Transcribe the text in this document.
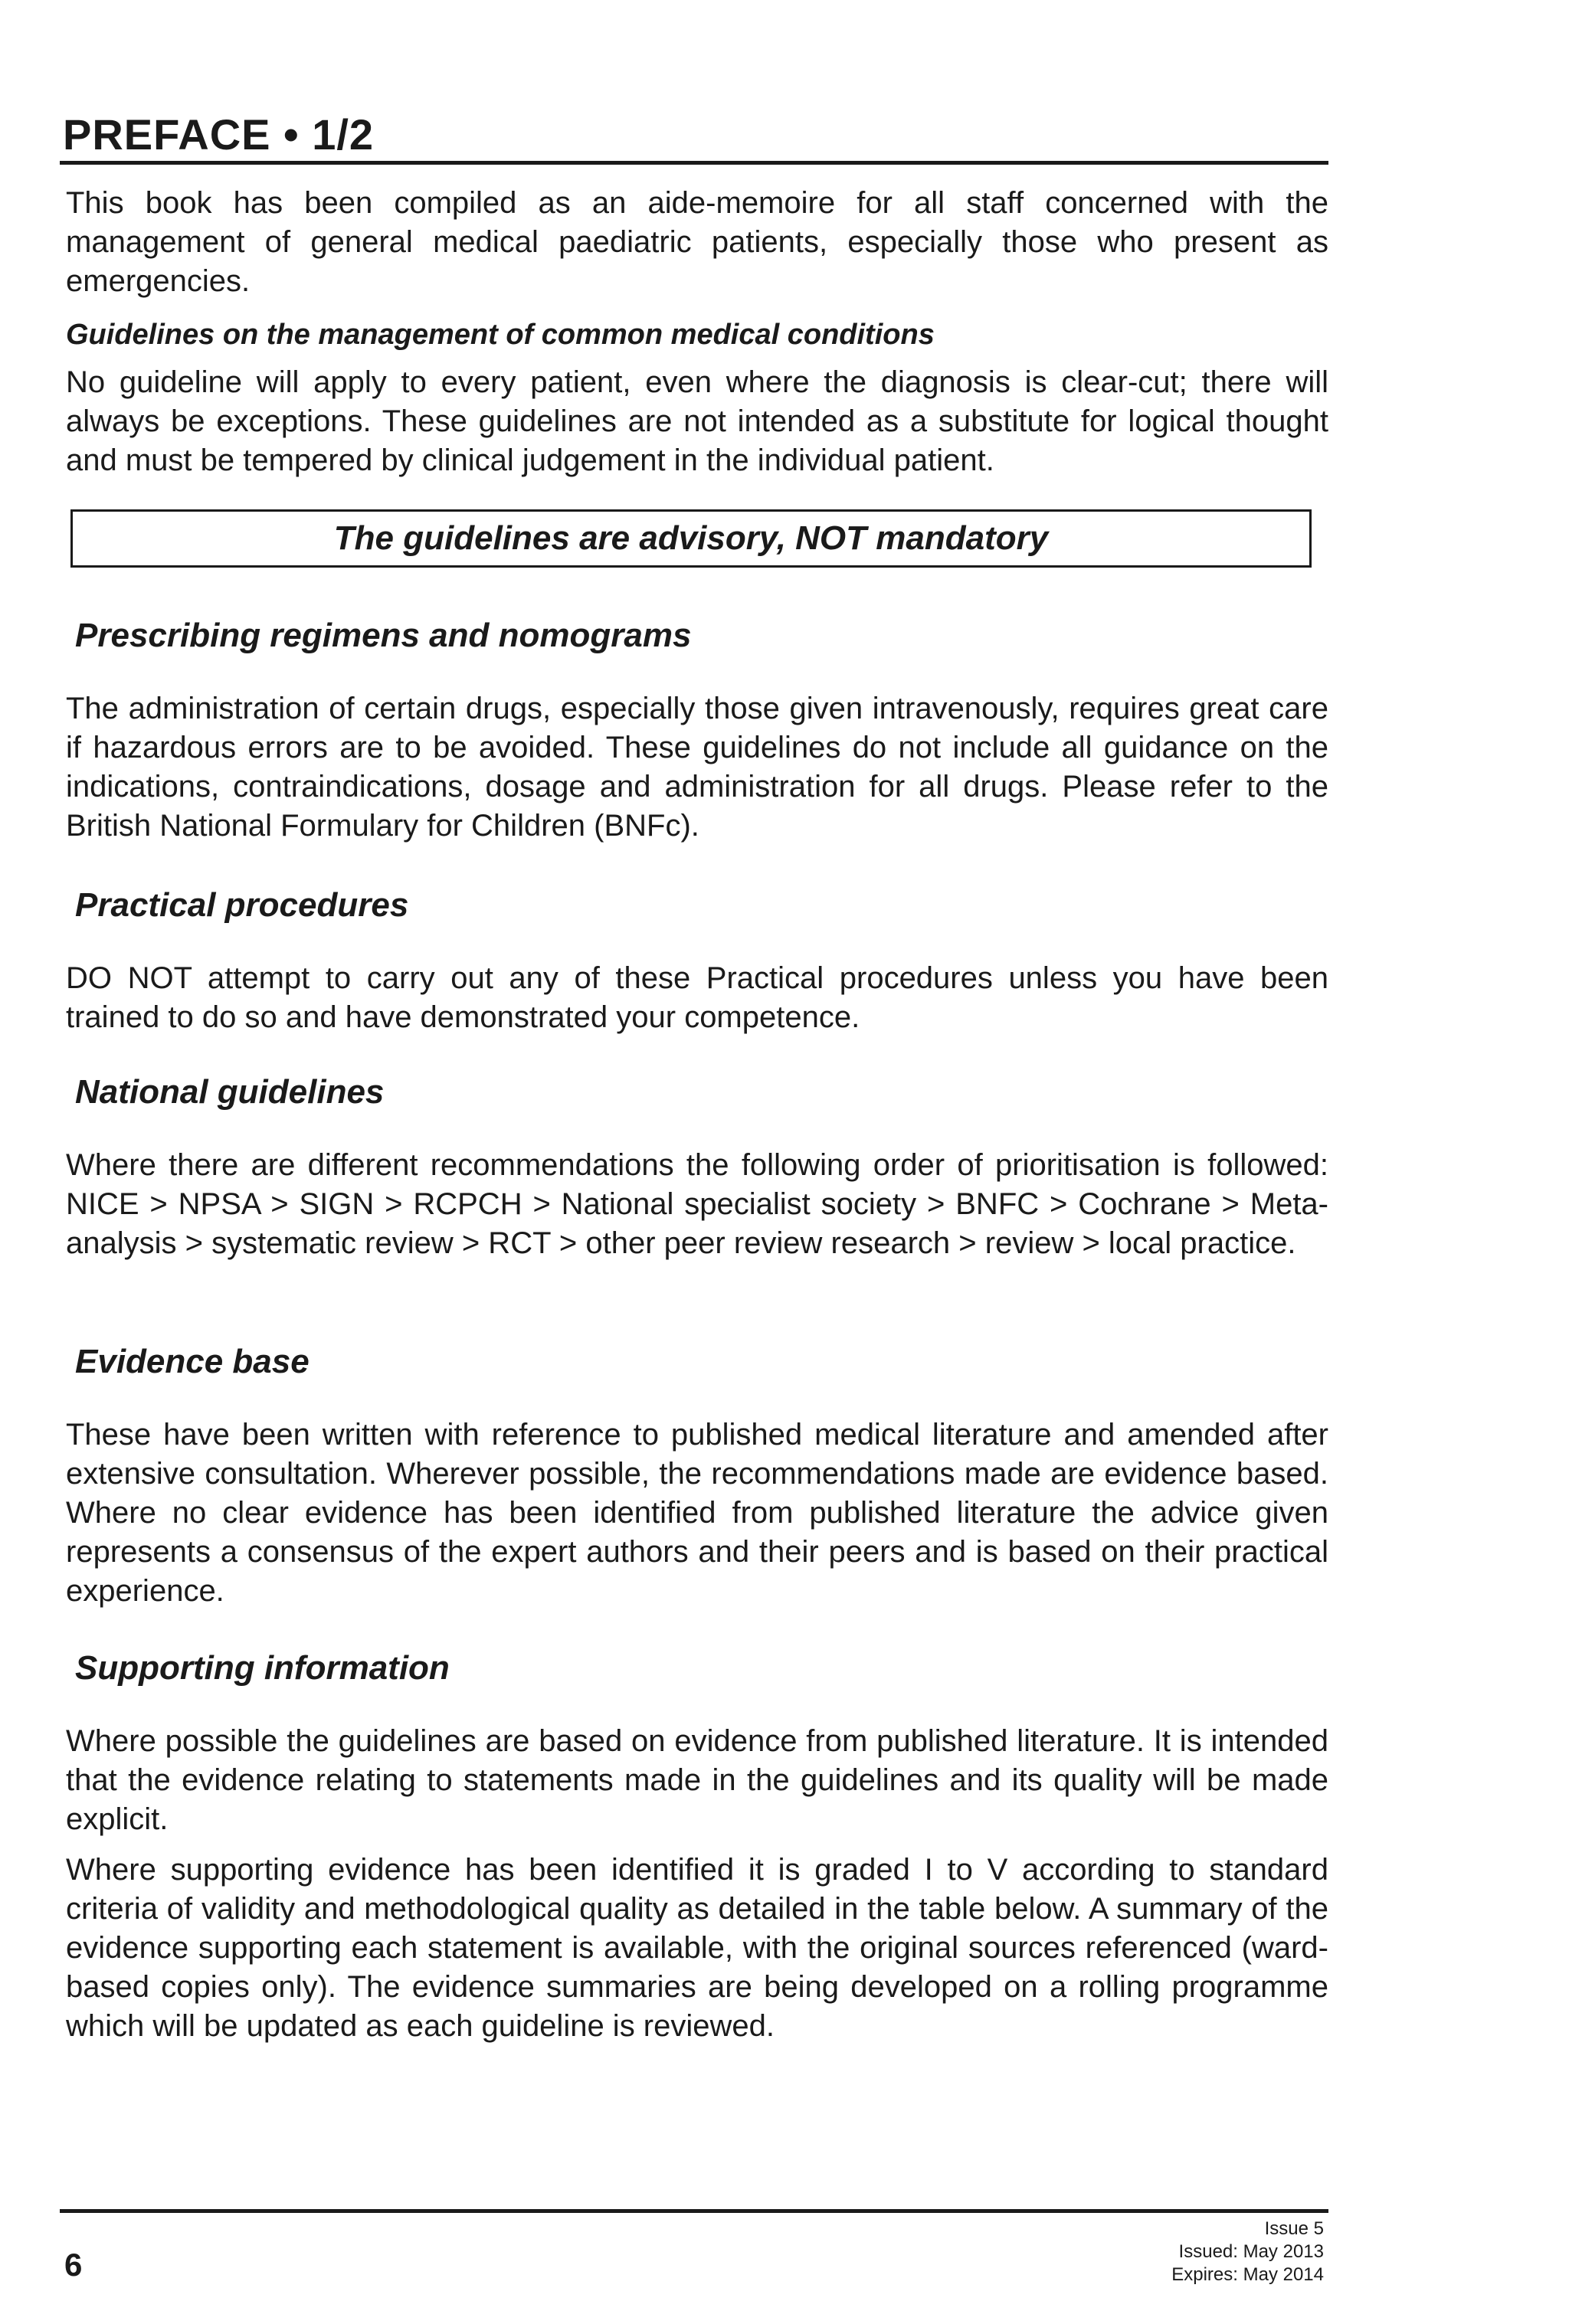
PREFACE • 1/2

This book has been compiled as an aide-memoire for all staff concerned with the management of general medical paediatric patients, especially those who present as emergencies.

Guidelines on the management of common medical conditions

No guideline will apply to every patient, even where the diagnosis is clear-cut; there will always be exceptions. These guidelines are not intended as a substitute for logical thought and must be tempered by clinical judgement in the individual patient.

The guidelines are advisory, NOT mandatory
Prescribing regimens and nomograms

The administration of certain drugs, especially those given intravenously, requires great care if hazardous errors are to be avoided. These guidelines do not include all guidance on the indications, contraindications, dosage and administration for all drugs. Please refer to the British National Formulary for Children (BNFc).

Practical procedures

DO NOT attempt to carry out any of these Practical procedures unless you have been trained to do so and have demonstrated your competence.

National guidelines

Where there are different recommendations the following order of prioritisation is followed: NICE > NPSA > SIGN > RCPCH > National specialist society > BNFC > Cochrane > Meta-analysis > systematic review > RCT > other peer review research > review > local practice.

Evidence base

These have been written with reference to published medical literature and amended after extensive consultation. Wherever possible, the recommendations made are evidence based. Where no clear evidence has been identified from published literature the advice given represents a consensus of the expert authors and their peers and is based on their practical experience.

Supporting information

Where possible the guidelines are based on evidence from published literature. It is intended that the evidence relating to statements made in the guidelines and its quality will be made explicit.

Where supporting evidence has been identified it is graded I to V according to standard criteria of validity and methodological quality as detailed in the table below. A summary of the evidence supporting each statement is available, with the original sources referenced (ward-based copies only). The evidence summaries are being developed on a rolling programme which will be updated as each guideline is reviewed.

6
Issue 5
Issued: May 2013
Expires: May 2014
